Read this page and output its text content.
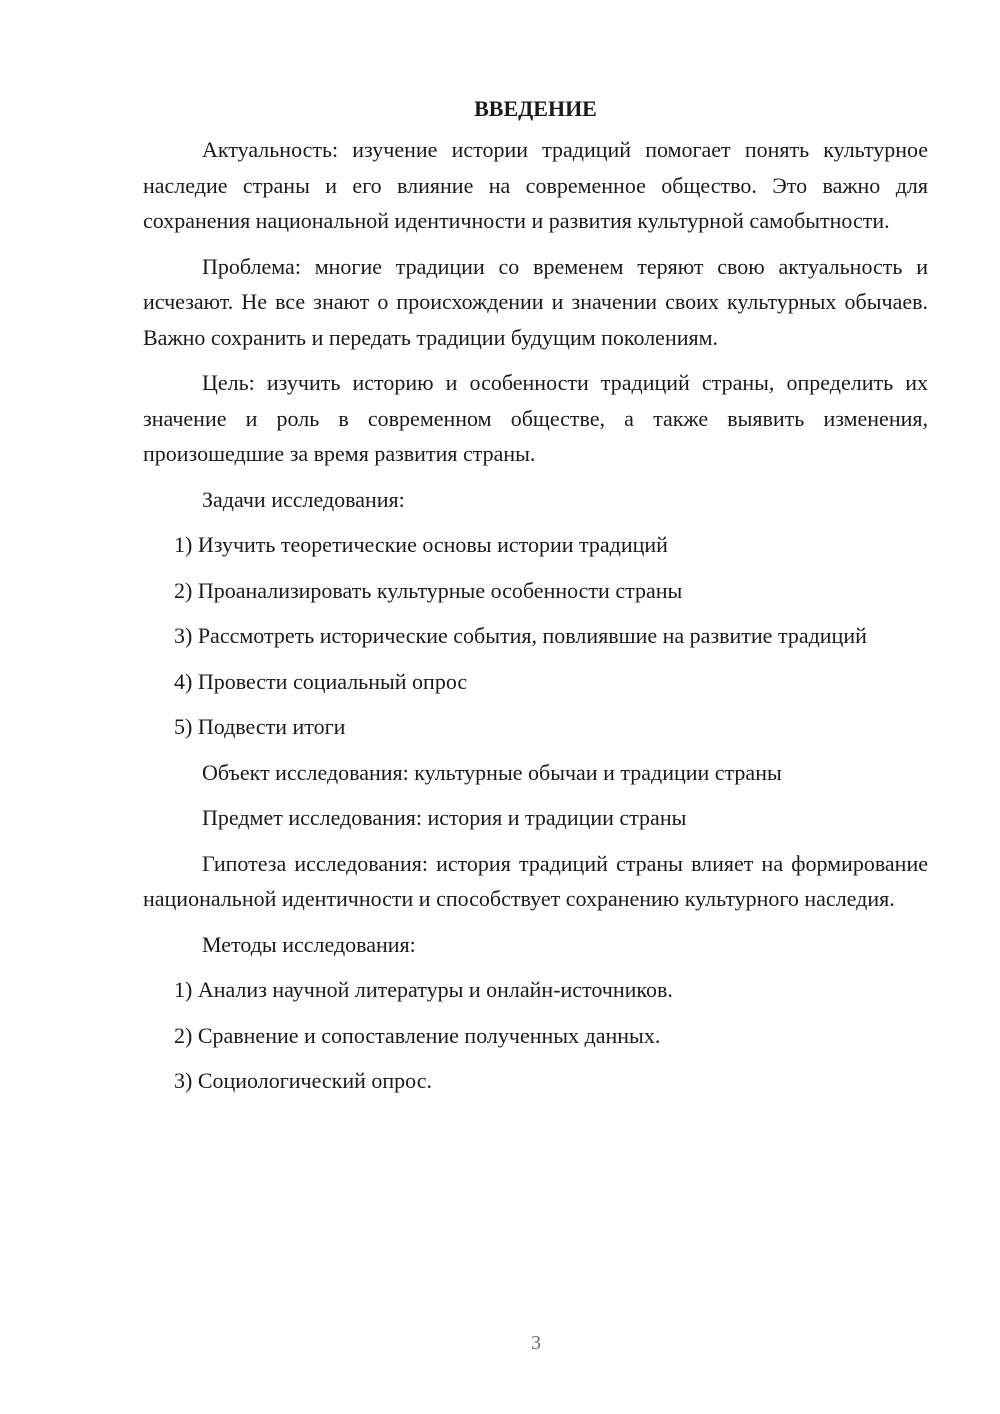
ВВЕДЕНИЕ

Актуальность: изучение истории традиций помогает понять культурное наследие страны и его влияние на современное общество. Это важно для сохранения национальной идентичности и развития культурной самобытности.

Проблема: многие традиции со временем теряют свою актуальность и исчезают. Не все знают о происхождении и значении своих культурных обычаев. Важно сохранить и передать традиции будущим поколениям.

Цель: изучить историю и особенности традиций страны, определить их значение и роль в современном обществе, а также выявить изменения, произошедшие за время развития страны.

Задачи исследования:

1) Изучить теоретические основы истории традиций

2) Проанализировать культурные особенности страны

3) Рассмотреть исторические события, повлиявшие на развитие традиций

4) Провести социальный опрос

5) Подвести итоги

Объект исследования: культурные обычаи и традиции страны

Предмет исследования: история и традиции страны

Гипотеза исследования: история традиций страны влияет на формирование национальной идентичности и способствует сохранению культурного наследия.

Методы исследования:

1) Анализ научной литературы и онлайн-источников.

2) Сравнение и сопоставление полученных данных.

3) Социологический опрос.

3
